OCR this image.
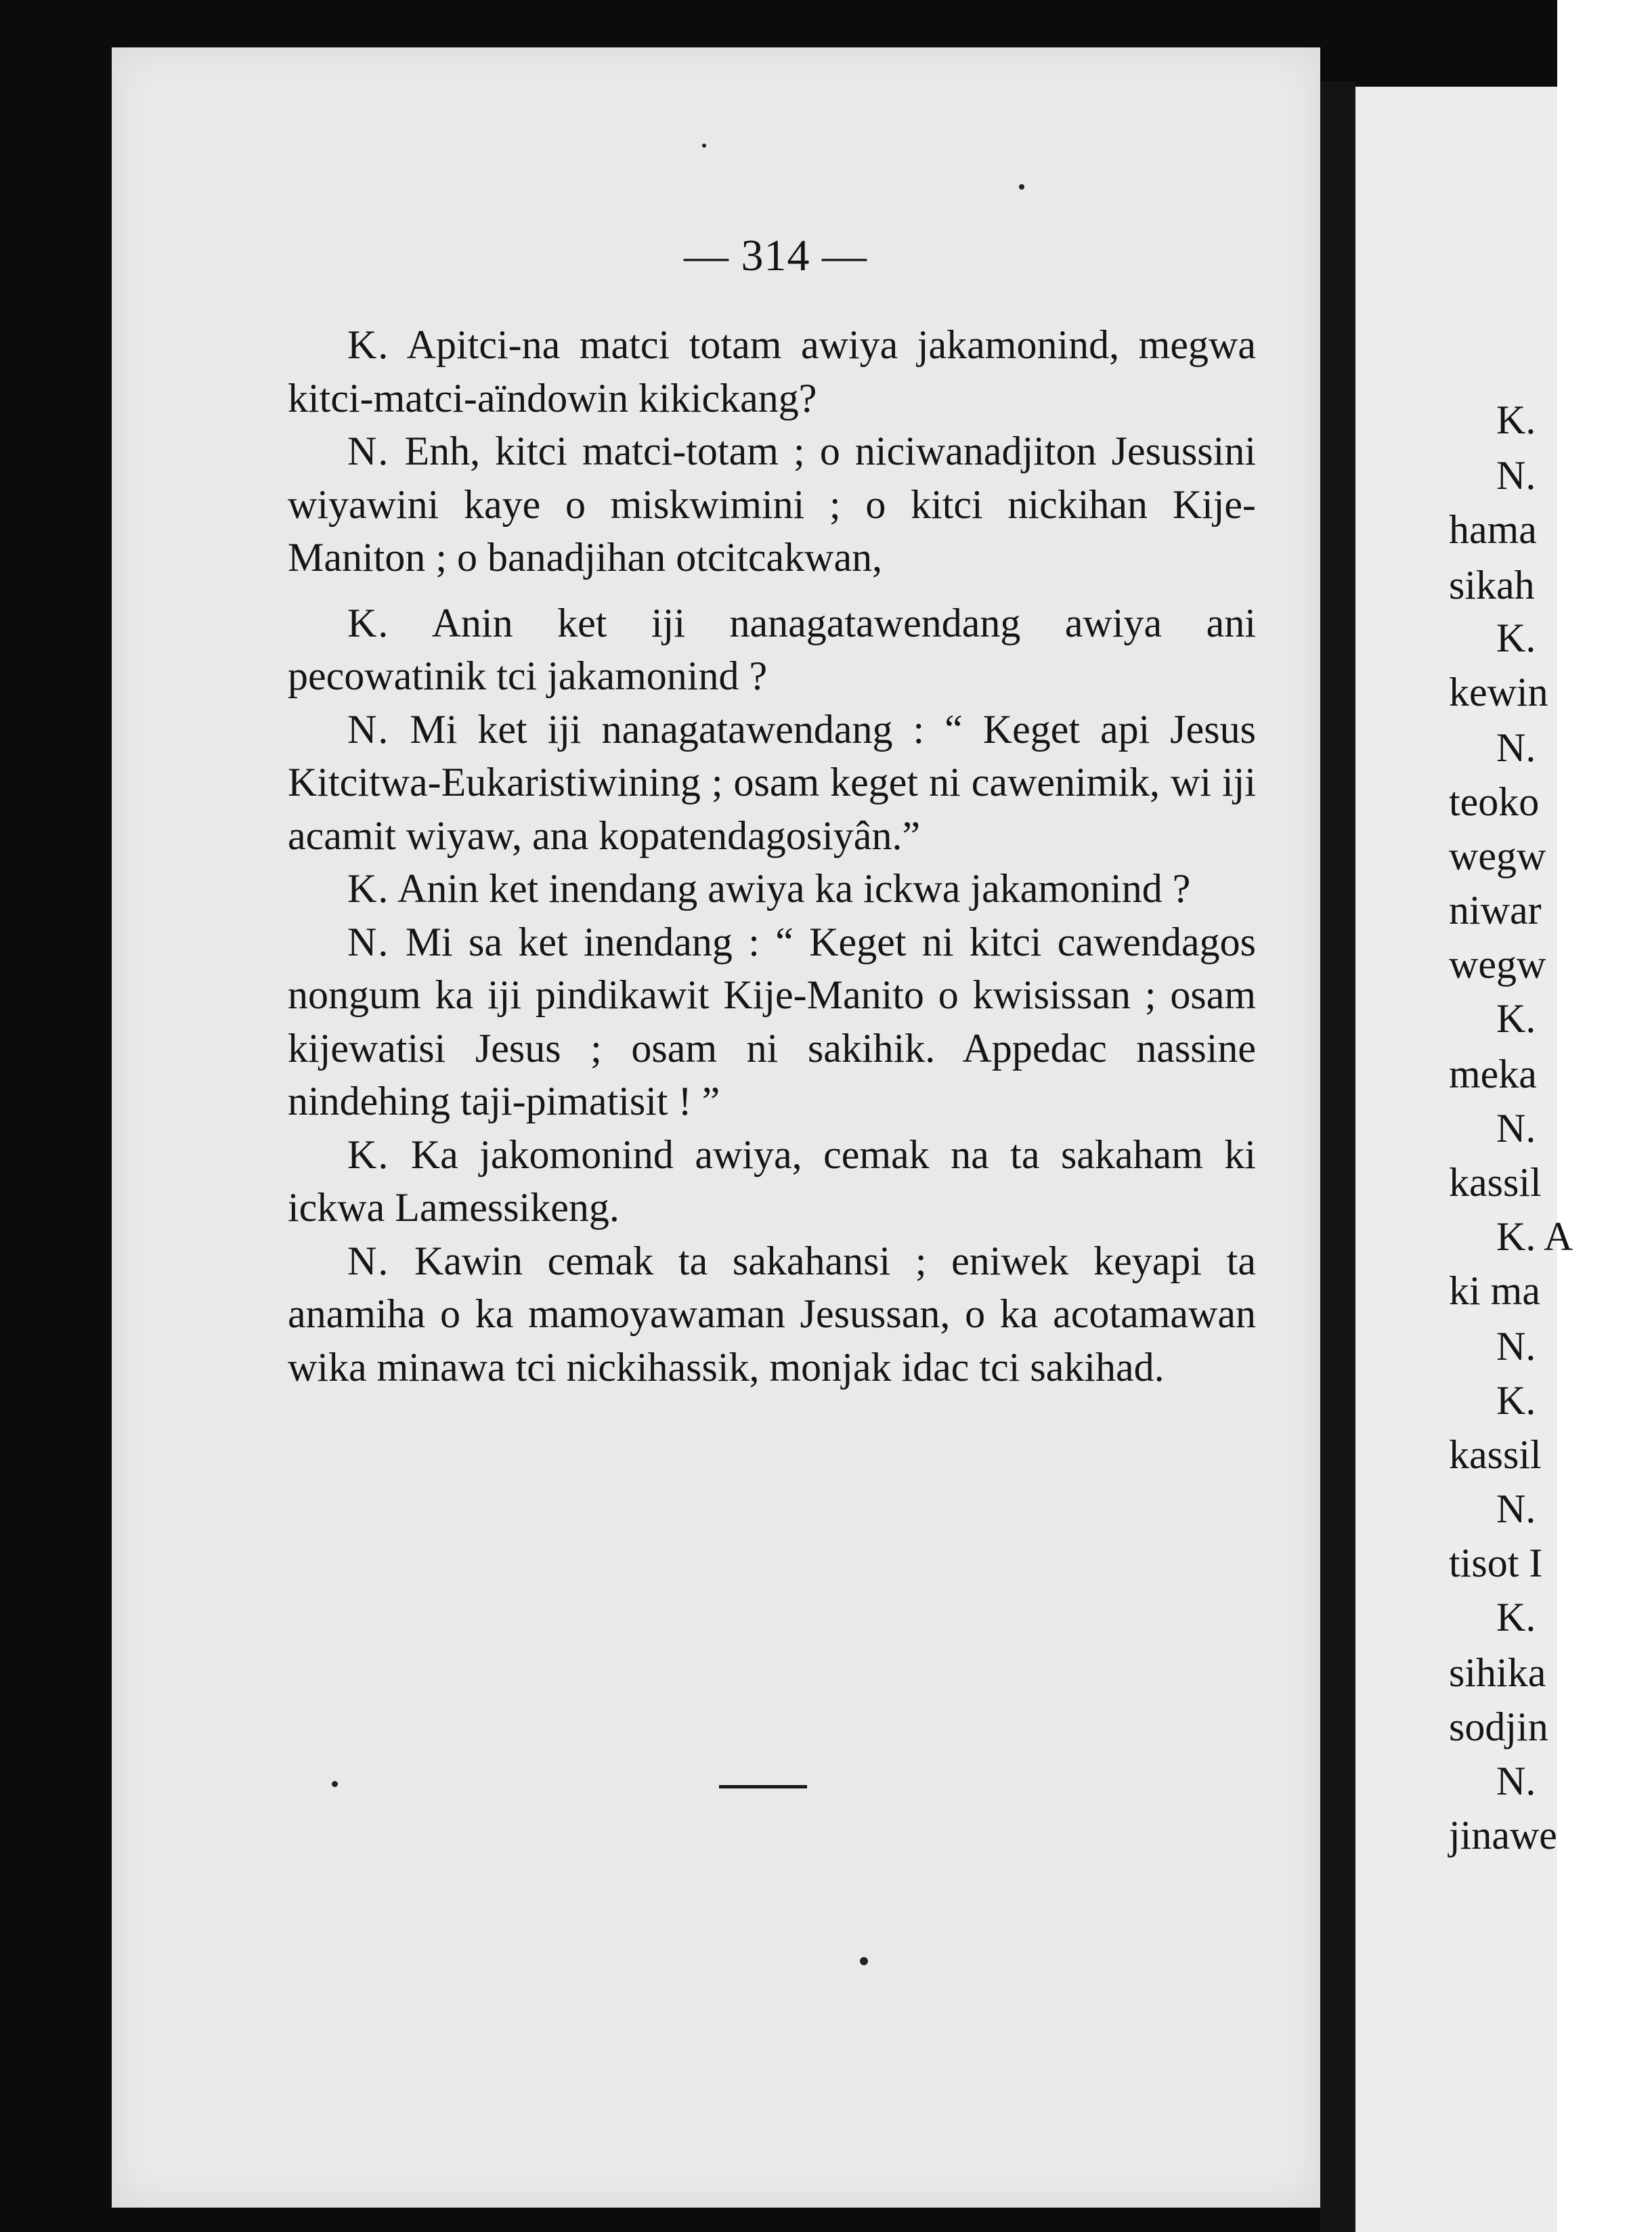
— 314 —

K. Apitci-na matci totam awiya jakamonind, megwa kitci-matci-aïndowin kikickang?

N. Enh, kitci matci-totam ; o niciwanadjiton Jesussini wiyawini kaye o miskwimini ; o kitci nickihan Kije-Maniton ; o banadjihan otcitcakwan,

K. Anin ket iji nanagatawendang awiya ani pecowatinik tci jakamonind ?

N. Mi ket iji nanagatawendang : “ Keget api Jesus Kitcitwa-Eukaristiwining ; osam keget ni cawenimik, wi iji acamit wiyaw, ana kopatendagosiyân.”

K. Anin ket inendang awiya ka ickwa jakamonind ?

N. Mi sa ket inendang : “ Keget ni kitci cawendagos nongum ka iji pindikawit Kije-Manito o kwisissan ; osam kijewatisi Jesus ; osam ni sakihik. Appedac nassine nindehing taji-pimatisit ! ”

K. Ka jakomonind awiya, cemak na ta sakaham ki ickwa Lamessikeng.

N. Kawin cemak ta sakahansi ; eniwek keyapi ta anamiha o ka mamoyawaman Jesussan, o ka acotamawan wika minawa tci nickihassik, monjak idac tci sakihad.

K.
N.
hama
sikah
K.
kewin
N.
teoko
wegw
niwar
wegw
K.
meka
N.
kassil
K. A
ki ma
N.
K.
kassil
N.
tisot I
K.
sihika
sodjin
N.
jinawe
